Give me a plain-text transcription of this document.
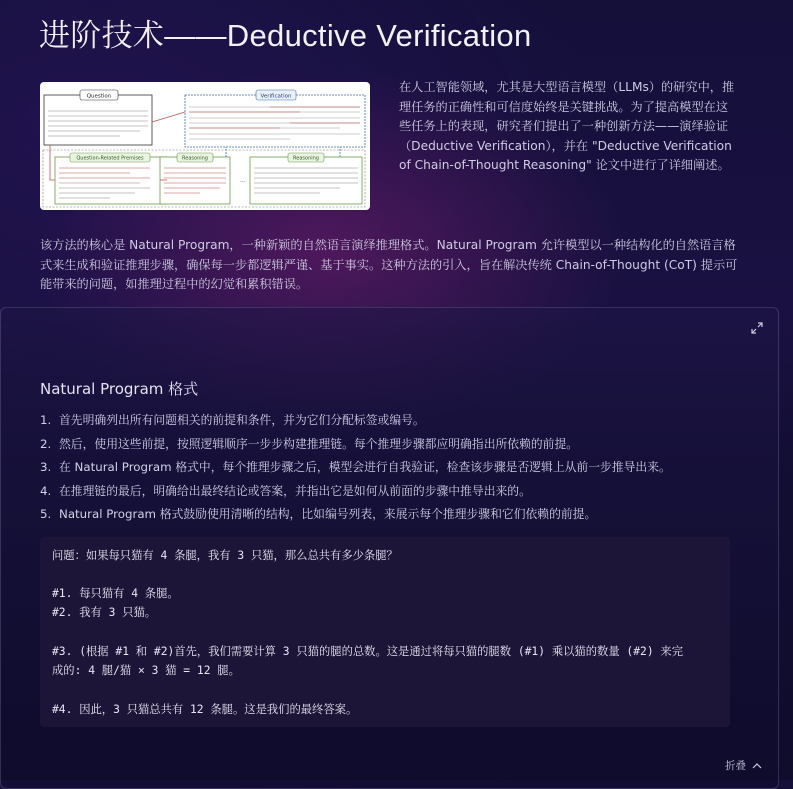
进阶技术——Deductive Verification
Question	Verification
Question-Related Premises	Reasoning
...
Reasoning
在人工智能领域，尤其是大型语言模型（LLMs）的研究中，推理任务的正确性和可信度始终是关键挑战。为了提高模型在这些任务上的表现，研究者们提出了一种创新方法——演绎验证（Deductive Verification），并在 "Deductive Verification of Chain-of-Thought Reasoning" 论文中进行了详细阐述。
该方法的核心是 Natural Program，一种新颖的自然语言演绎推理格式。Natural Program 允许模型以一种结构化的自然语言格式来生成和验证推理步骤，确保每一步都逻辑严谨、基于事实。这种方法的引入，旨在解决传统 Chain-of-Thought (CoT) 提示可能带来的问题，如推理过程中的幻觉和累积错误。
Natural Program 格式
1. 首先明确列出所有问题相关的前提和条件，并为它们分配标签或编号。
2. 然后，使用这些前提，按照逻辑顺序一步步构建推理链。每个推理步骤都应明确指出所依赖的前提。
3. 在 Natural Program 格式中，每个推理步骤之后，模型会进行自我验证，检查该步骤是否逻辑上从前一步推导出来。
4. 在推理链的最后，明确给出最终结论或答案，并指出它是如何从前面的步骤中推导出来的。
5. Natural Program 格式鼓励使用清晰的结构，比如编号列表，来展示每个推理步骤和它们依赖的前提。
问题：如果每只猫有 4 条腿，我有 3 只猫，那么总共有多少条腿？
#1. 每只猫有 4 条腿。
#2. 我有 3 只猫。
#3. (根据 #1 和 #2)首先，我们需要计算 3 只猫的腿的总数。这是通过将每只猫的腿数 (#1) 乘以猫的数量 (#2) 来完
成的: 4 腿/猫 × 3 猫 = 12 腿。
#4. 因此，3 只猫总共有 12 条腿。这是我们的最终答案。
折叠
